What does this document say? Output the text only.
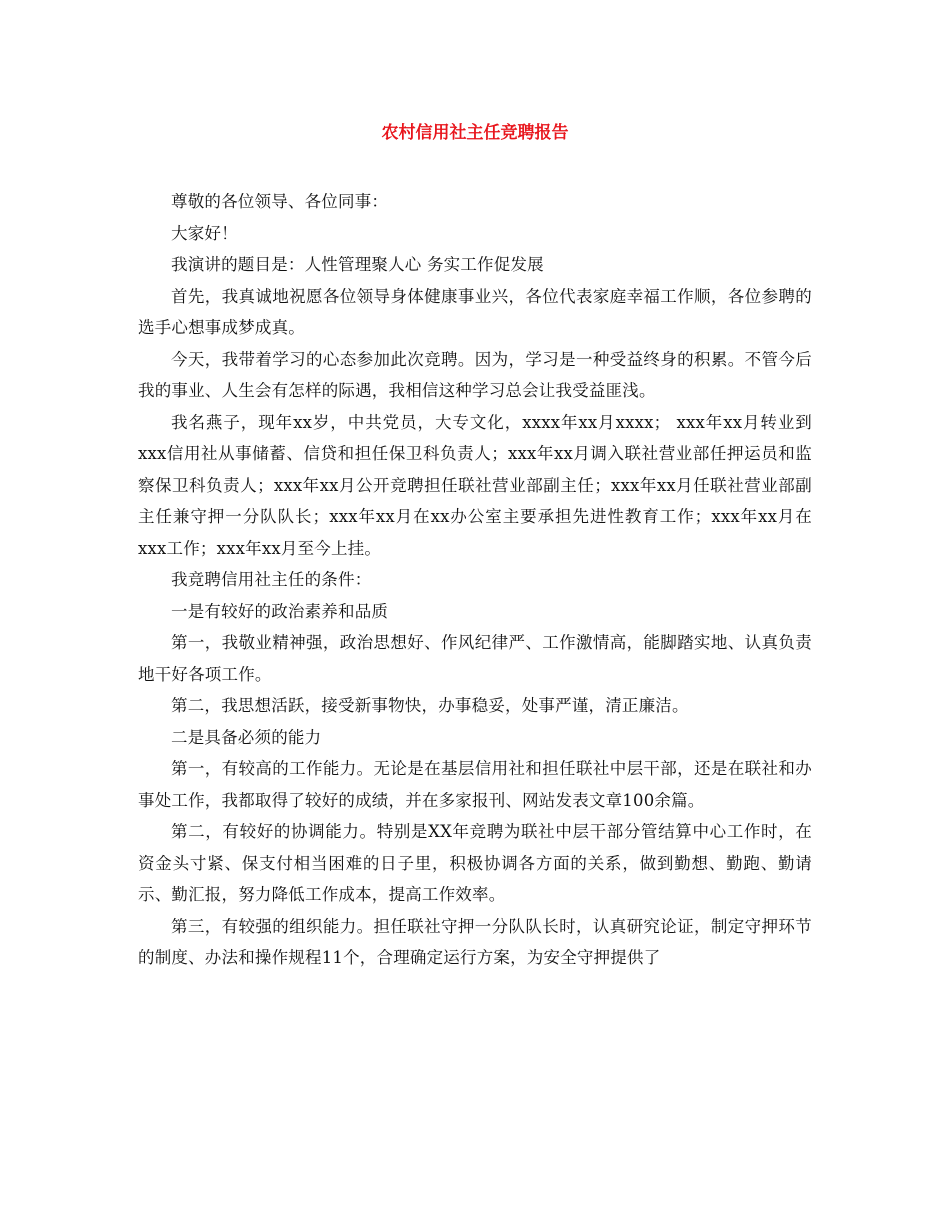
农村信用社主任竞聘报告

尊敬的各位领导、各位同事：

大家好！

我演讲的题目是：人性管理聚人心 务实工作促发展

首先，我真诚地祝愿各位领导身体健康事业兴，各位代表家庭幸福工作顺，各位参聘的选手心想事成梦成真。

今天，我带着学习的心态参加此次竞聘。因为，学习是一种受益终身的积累。不管今后我的事业、人生会有怎样的际遇，我相信这种学习总会让我受益匪浅。

我名燕子，现年xx岁，中共党员，大专文化，xxxx年xx月xxxx； xxx年xx月转业到xxx信用社从事储蓄、信贷和担任保卫科负责人；xxx年xx月调入联社营业部任押运员和监察保卫科负责人；xxx年xx月公开竞聘担任联社营业部副主任；xxx年xx月任联社营业部副主任兼守押一分队队长；xxx年xx月在xx办公室主要承担先进性教育工作；xxx年xx月在xxx工作；xxx年xx月至今上挂。

我竞聘信用社主任的条件：

一是有较好的政治素养和品质

第一，我敬业精神强，政治思想好、作风纪律严、工作激情高，能脚踏实地、认真负责地干好各项工作。

第二，我思想活跃，接受新事物快，办事稳妥，处事严谨，清正廉洁。

二是具备必须的能力

第一，有较高的工作能力。无论是在基层信用社和担任联社中层干部，还是在联社和办事处工作，我都取得了较好的成绩，并在多家报刊、网站发表文章100余篇。

第二，有较好的协调能力。特别是XX年竞聘为联社中层干部分管结算中心工作时，在资金头寸紧、保支付相当困难的日子里，积极协调各方面的关系，做到勤想、勤跑、勤请示、勤汇报，努力降低工作成本，提高工作效率。

第三，有较强的组织能力。担任联社守押一分队队长时，认真研究论证，制定守押环节的制度、办法和操作规程11个，合理确定运行方案，为安全守押提供了
